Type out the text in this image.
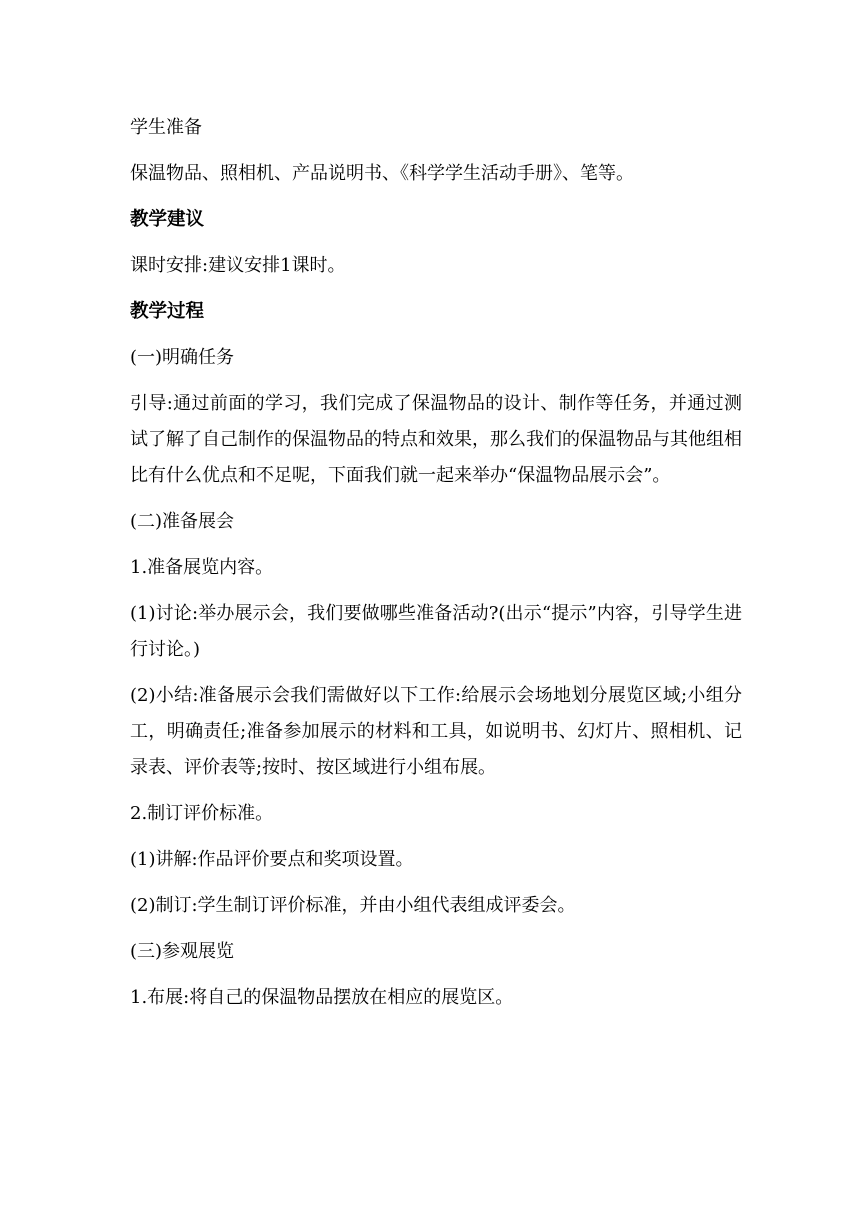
学生准备

保温物品、照相机、产品说明书、《科学学生活动手册》、笔等。

教学建议

课时安排:建议安排1课时。

教学过程

(一)明确任务

引导:通过前面的学习，我们完成了保温物品的设计、制作等任务，并通过测试了解了自己制作的保温物品的特点和效果，那么我们的保温物品与其他组相比有什么优点和不足呢，下面我们就一起来举办“保温物品展示会”。

(二)准备展会

1.准备展览内容。

(1)讨论:举办展示会，我们要做哪些准备活动?(出示“提示”内容，引导学生进行讨论。)

(2)小结:准备展示会我们需做好以下工作:给展示会场地划分展览区域;小组分工，明确责任;准备参加展示的材料和工具，如说明书、幻灯片、照相机、记录表、评价表等;按时、按区域进行小组布展。

2.制订评价标准。

(1)讲解:作品评价要点和奖项设置。

(2)制订:学生制订评价标准，并由小组代表组成评委会。

(三)参观展览

1.布展:将自己的保温物品摆放在相应的展览区。
